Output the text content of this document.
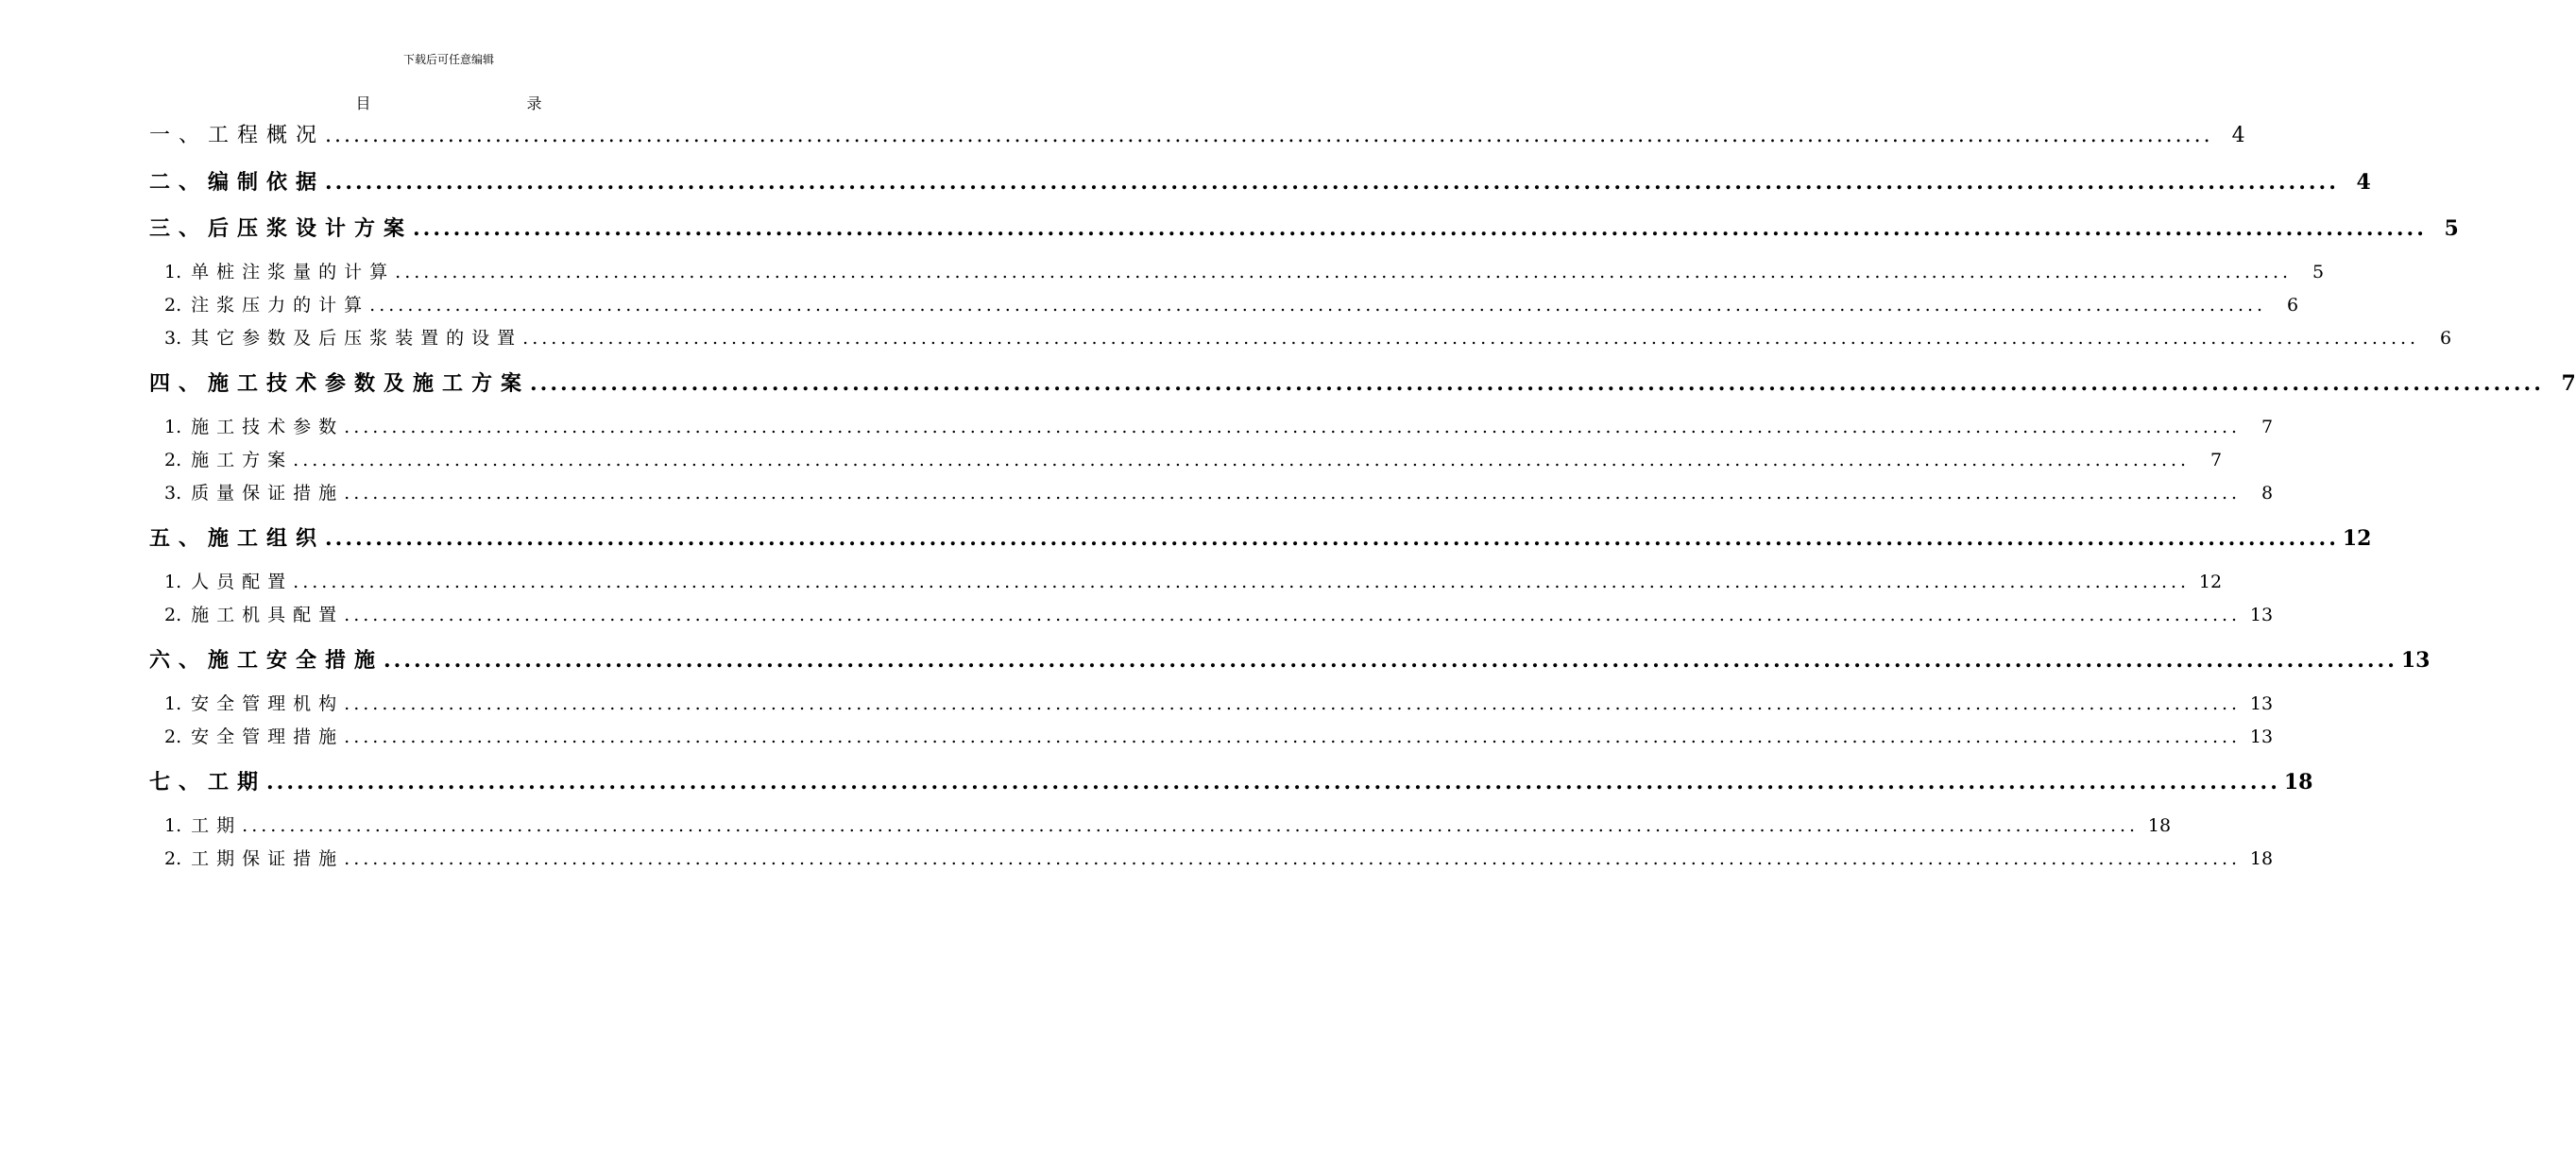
下载后可任意编辑
目 录
一、工程概况 ........................................................................................................................................................................................................ 4
二、编制依据 ........................................................................................................................................................................................................ 4
三、后压浆设计方案 ........................................................................................................................................................................................................ 5
1. 单桩注浆量的计算 ........................................................................................................................................................................................................	5
2. 注浆压力的计算 ........................................................................................................................................................................................................	6
3. 其它参数及后压浆装置的设置 ........................................................................................................................................................................................................	6
四、施工技术参数及施工方案 ........................................................................................................................................................................................................ 7
1. 施工技术参数 ........................................................................................................................................................................................................	7
2. 施工方案 ........................................................................................................................................................................................................	7
3. 质量保证措施 ........................................................................................................................................................................................................	8
五、施工组织 ........................................................................................................................................................................................................ 12
1. 人员配置 ........................................................................................................................................................................................................ 12
2. 施工机具配置 ........................................................................................................................................................................................................ 13
六、施工安全措施 ........................................................................................................................................................................................................ 13
1. 安全管理机构 ........................................................................................................................................................................................................ 13
2. 安全管理措施 ........................................................................................................................................................................................................ 13
七、工期 ........................................................................................................................................................................................................ 18
1. 工期 ........................................................................................................................................................................................................ 18
2. 工期保证措施 ........................................................................................................................................................................................................ 18
